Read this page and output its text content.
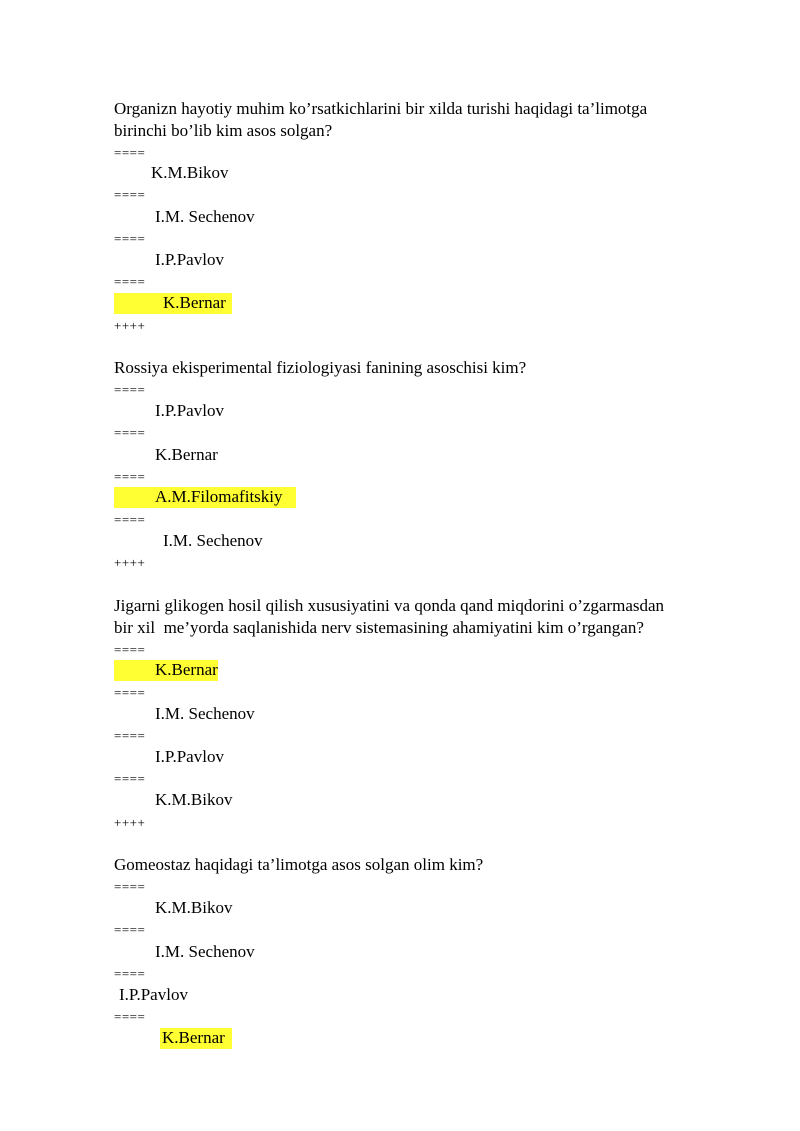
Organizn hayotiy muhim ko’rsatkichlarini bir xilda turishi haqidagi ta’limotga
birinchi bo’lib kim asos solgan?
====
K.M.Bikov
====
I.M. Sechenov
====
I.P.Pavlov
====
K.Bernar
++++
Rossiya ekisperimental fiziologiyasi fanining asoschisi kim?
====
I.P.Pavlov
====
K.Bernar
====
A.M.Filomafitskiy
====
I.M. Sechenov
++++
Jigarni glikogen hosil qilish xususiyatini va qonda qand miqdorini o’zgarmasdan
bir xil  me’yorda saqlanishida nerv sistemasining ahamiyatini kim o’rgangan?
====
K.Bernar
====
I.M. Sechenov
====
I.P.Pavlov
====
K.M.Bikov
++++
Gomeostaz haqidagi ta’limotga asos solgan olim kim?
====
K.M.Bikov
====
I.M. Sechenov
====
I.P.Pavlov
====
K.Bernar
